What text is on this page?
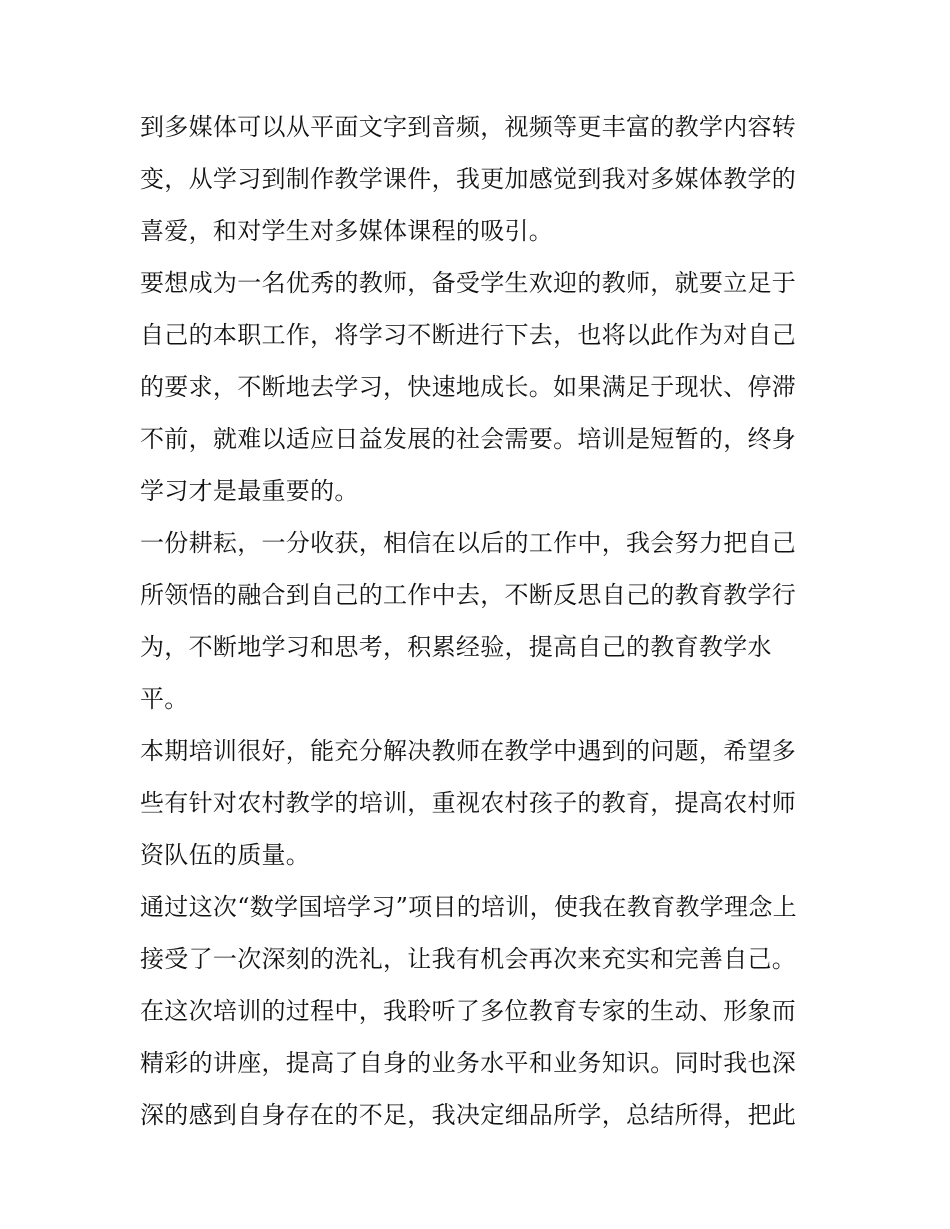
到多媒体可以从平面文字到音频，视频等更丰富的教学内容转
变，从学习到制作教学课件，我更加感觉到我对多媒体教学的
喜爱，和对学生对多媒体课程的吸引。
要想成为一名优秀的教师，备受学生欢迎的教师，就要立足于
自己的本职工作，将学习不断进行下去，也将以此作为对自己
的要求，不断地去学习，快速地成长。如果满足于现状、停滞
不前，就难以适应日益发展的社会需要。培训是短暂的，终身
学习才是最重要的。
一份耕耘，一分收获，相信在以后的工作中，我会努力把自己
所领悟的融合到自己的工作中去，不断反思自己的教育教学行
为，不断地学习和思考，积累经验，提高自己的教育教学水
平。
本期培训很好，能充分解决教师在教学中遇到的问题，希望多
些有针对农村教学的培训，重视农村孩子的教育，提高农村师
资队伍的质量。
通过这次“数学国培学习”项目的培训，使我在教育教学理念上
接受了一次深刻的洗礼，让我有机会再次来充实和完善自己。
在这次培训的过程中，我聆听了多位教育专家的生动、形象而
精彩的讲座，提高了自身的业务水平和业务知识。同时我也深
深的感到自身存在的不足，我决定细品所学，总结所得，把此
